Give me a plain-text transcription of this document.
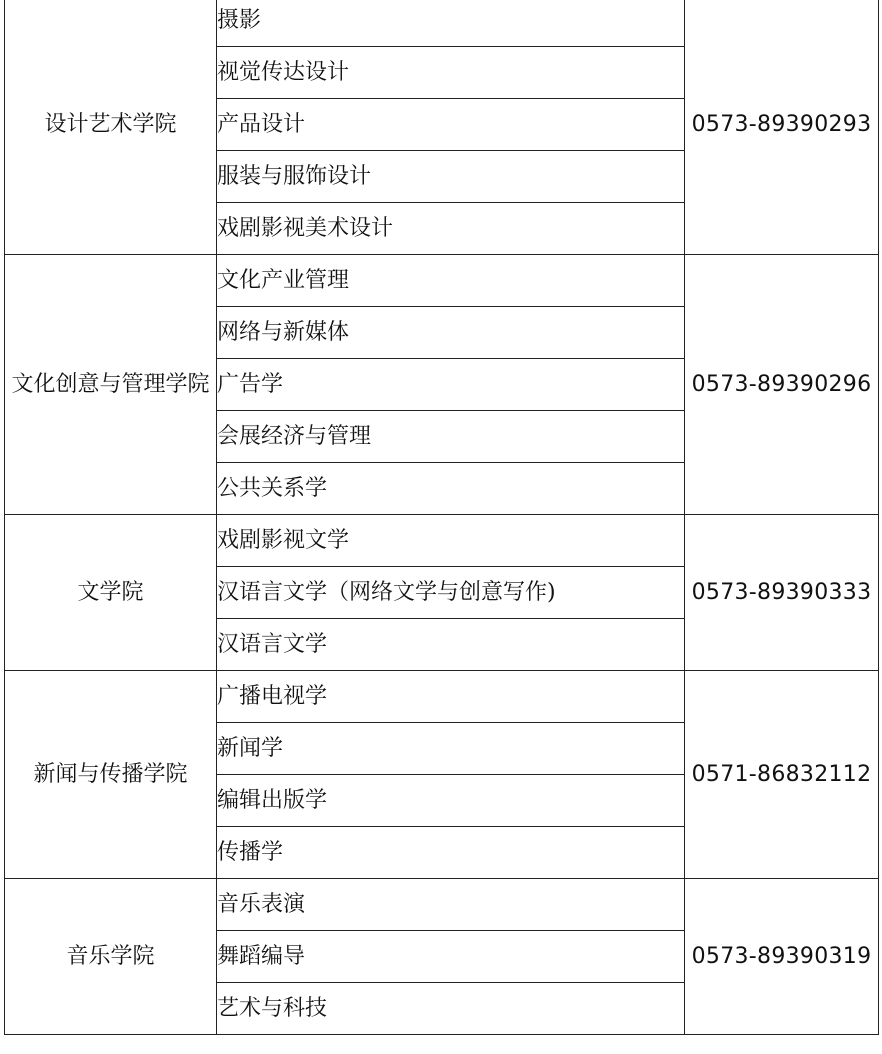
设计艺术学院	摄影	0573-89390293
	视觉传达设计	
	产品设计	
	服装与服饰设计	
	戏剧影视美术设计	
文化创意与管理学院	文化产业管理	0573-89390296
	网络与新媒体	
	广告学	
	会展经济与管理	
	公共关系学	
文学院	戏剧影视文学	0573-89390333
	汉语言文学（网络文学与创意写作)	
	汉语言文学	
新闻与传播学院	广播电视学	0571-86832112
	新闻学	
	编辑出版学	
	传播学	
音乐学院	音乐表演	0573-89390319
	舞蹈编导	
	艺术与科技	
